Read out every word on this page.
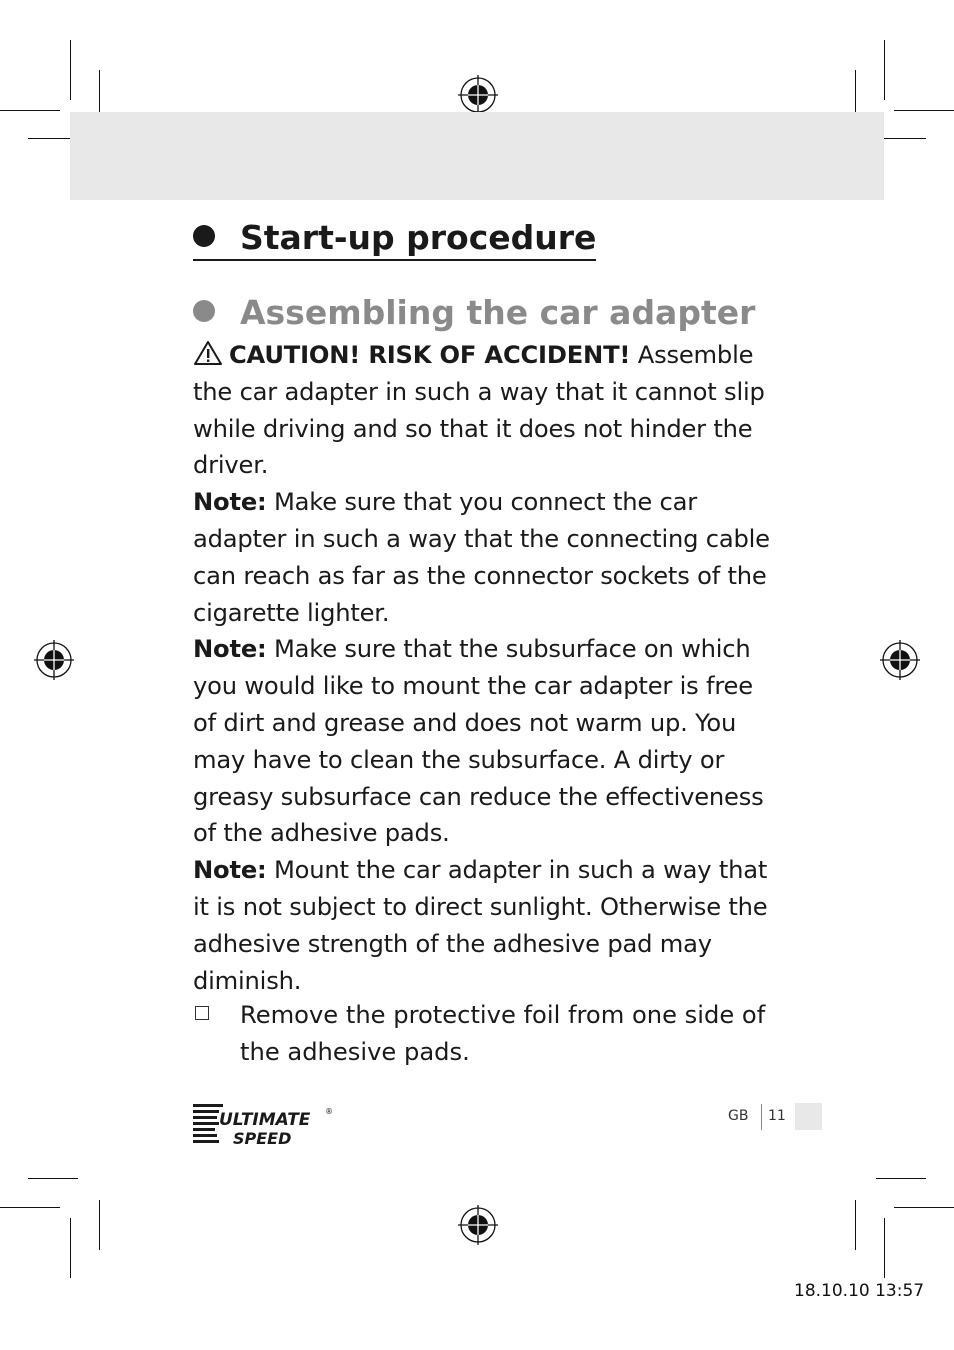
Start-up procedure
Assembling the car adapter

CAUTION! RISK OF ACCIDENT! Assemble the car adapter in such a way that it cannot slip while driving and so that it does not hinder the driver.

Note: Make sure that you connect the car adapter in such a way that the connecting cable can reach as far as the connector sockets of the cigarette lighter.

Note: Make sure that the subsurface on which you would like to mount the car adapter is free of dirt and grease and does not warm up. You may have to clean the subsurface. A dirty or greasy subsurface can reduce the effectiveness of the adhesive pads.

Note: Mount the car adapter in such a way that it is not subject to direct sunlight. Otherwise the adhesive strength of the adhesive pad may diminish.

Remove the protective foil from one side of the adhesive pads.
ULTIMATE
SPEED
®	GB 11
18.10.10 13:57
